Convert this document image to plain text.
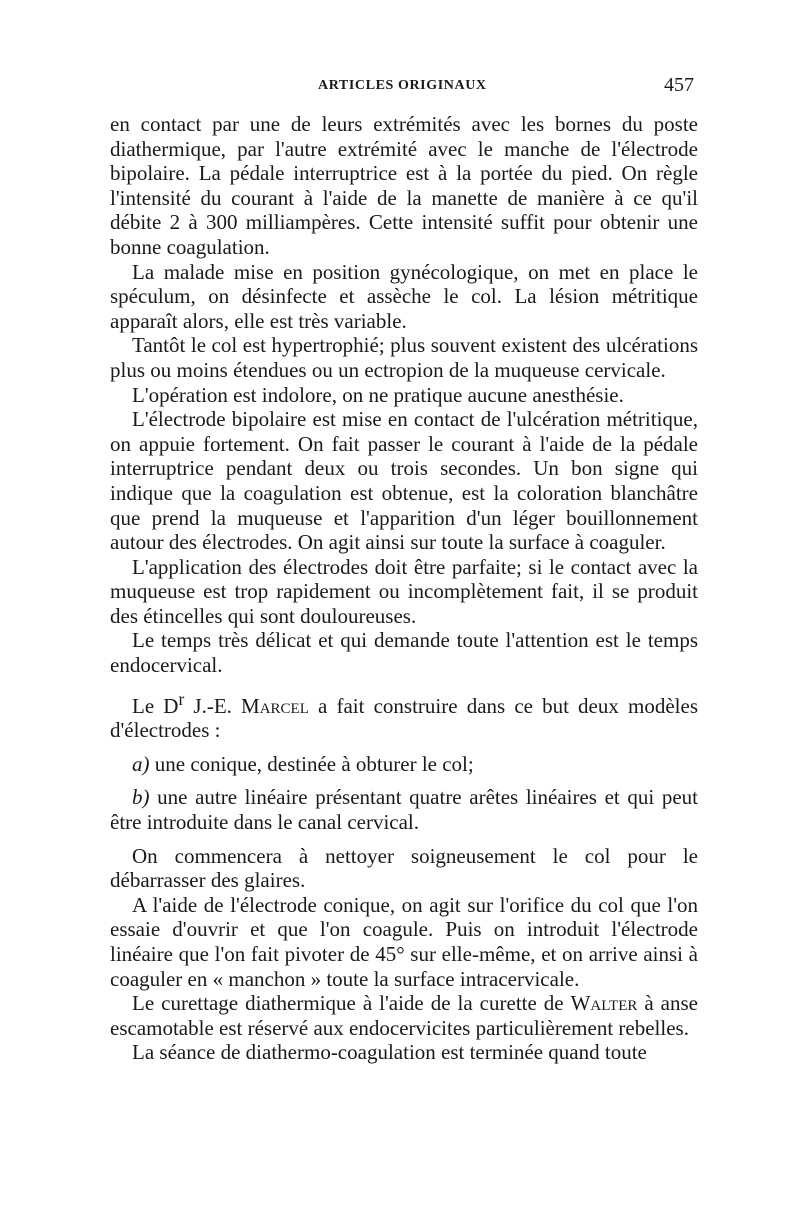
ARTICLES ORIGINAUX	457

en contact par une de leurs extrémités avec les bornes du poste diathermique, par l'autre extrémité avec le manche de l'électrode bipolaire. La pédale interruptrice est à la portée du pied. On règle l'intensité du courant à l'aide de la manette de manière à ce qu'il débite 2 à 300 milliampères. Cette intensité suffit pour obtenir une bonne coagulation.

La malade mise en position gynécologique, on met en place le spéculum, on désinfecte et assèche le col. La lésion métritique apparaît alors, elle est très variable.

Tantôt le col est hypertrophié; plus souvent existent des ulcérations plus ou moins étendues ou un ectropion de la muqueuse cervicale.

L'opération est indolore, on ne pratique aucune anesthésie.

L'électrode bipolaire est mise en contact de l'ulcération métritique, on appuie fortement. On fait passer le courant à l'aide de la pédale interruptrice pendant deux ou trois secondes. Un bon signe qui indique que la coagulation est obtenue, est la coloration blanchâtre que prend la muqueuse et l'apparition d'un léger bouillonnement autour des électrodes. On agit ainsi sur toute la surface à coaguler.

L'application des électrodes doit être parfaite; si le contact avec la muqueuse est trop rapidement ou incomplètement fait, il se produit des étincelles qui sont douloureuses.

Le temps très délicat et qui demande toute l'attention est le temps endocervical.

Le $D^r$ J.-E. Marcel a fait construire dans ce but deux modèles d'électrodes :

a) une conique, destinée à obturer le col;

b) une autre linéaire présentant quatre arêtes linéaires et qui peut être introduite dans le canal cervical.

On commencera à nettoyer soigneusement le col pour le débarrasser des glaires.

A l'aide de l'électrode conique, on agit sur l'orifice du col que l'on essaie d'ouvrir et que l'on coagule. Puis on introduit l'électrode linéaire que l'on fait pivoter de 45° sur elle-même, et on arrive ainsi à coaguler en « manchon » toute la surface intracervicale.

Le curettage diathermique à l'aide de la curette de Walter à anse escamotable est réservé aux endocervicites particulièrement rebelles.

La séance de diathermo-coagulation est terminée quand toute
